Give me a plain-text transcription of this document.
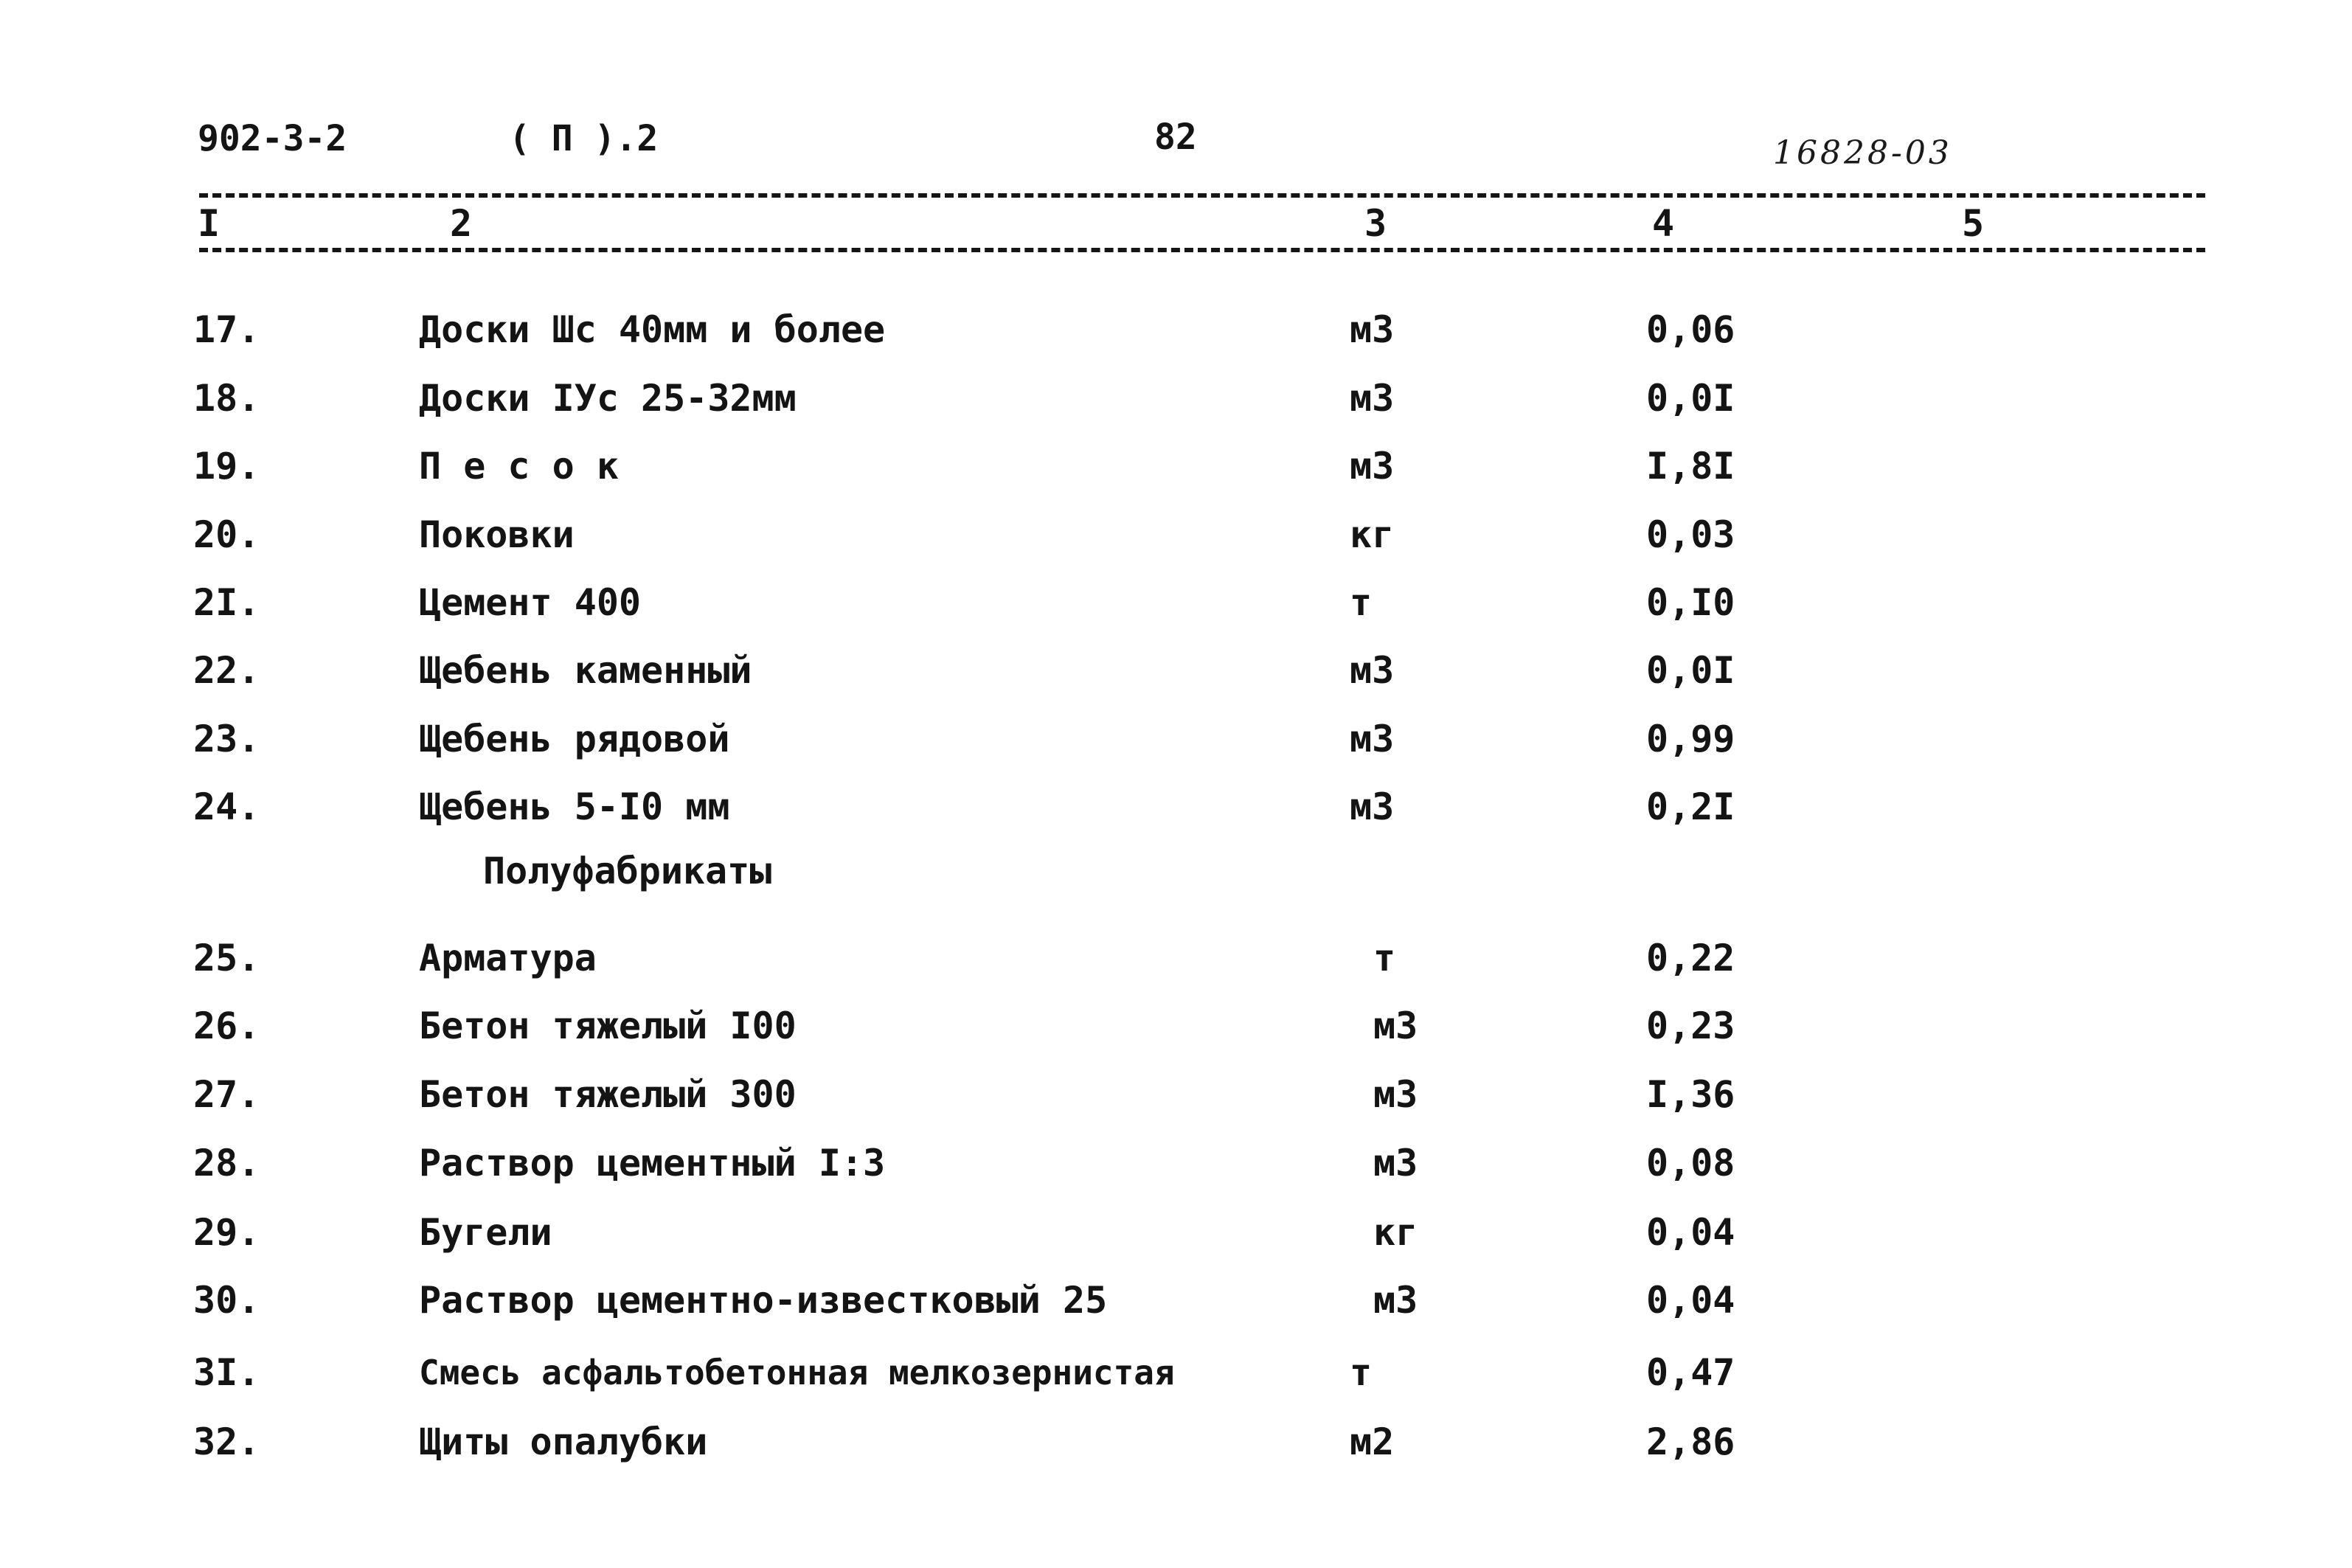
902-3-2	( П ).2	82	16828-03
I	2	3	4	5
17.	Доски Шс 40мм и более	м3	0,06
18.	Доски IУс 25-32мм	м3	0,0I
19.	П е с о к	м3	I,8I
20.	Поковки	кг	0,03
2I.	Цемент 400	т	0,I0
22.	Щебень каменный	м3	0,0I
23.	Щебень рядовой	м3	0,99
24.	Щебень 5-I0 мм	м3	0,2I
Полуфабрикаты
25.	Арматура	т	0,22
26.	Бетон тяжелый I00	м3	0,23
27.	Бетон тяжелый 300	м3	I,36
28.	Раствор цементный I:3	м3	0,08
29.	Бугели	кг	0,04
30.	Раствор цементно-известковый 25	м3	0,04
3I.	Смесь асфальтобетонная мелкозернистая	т	0,47
32.	Щиты опалубки	м2	2,86
